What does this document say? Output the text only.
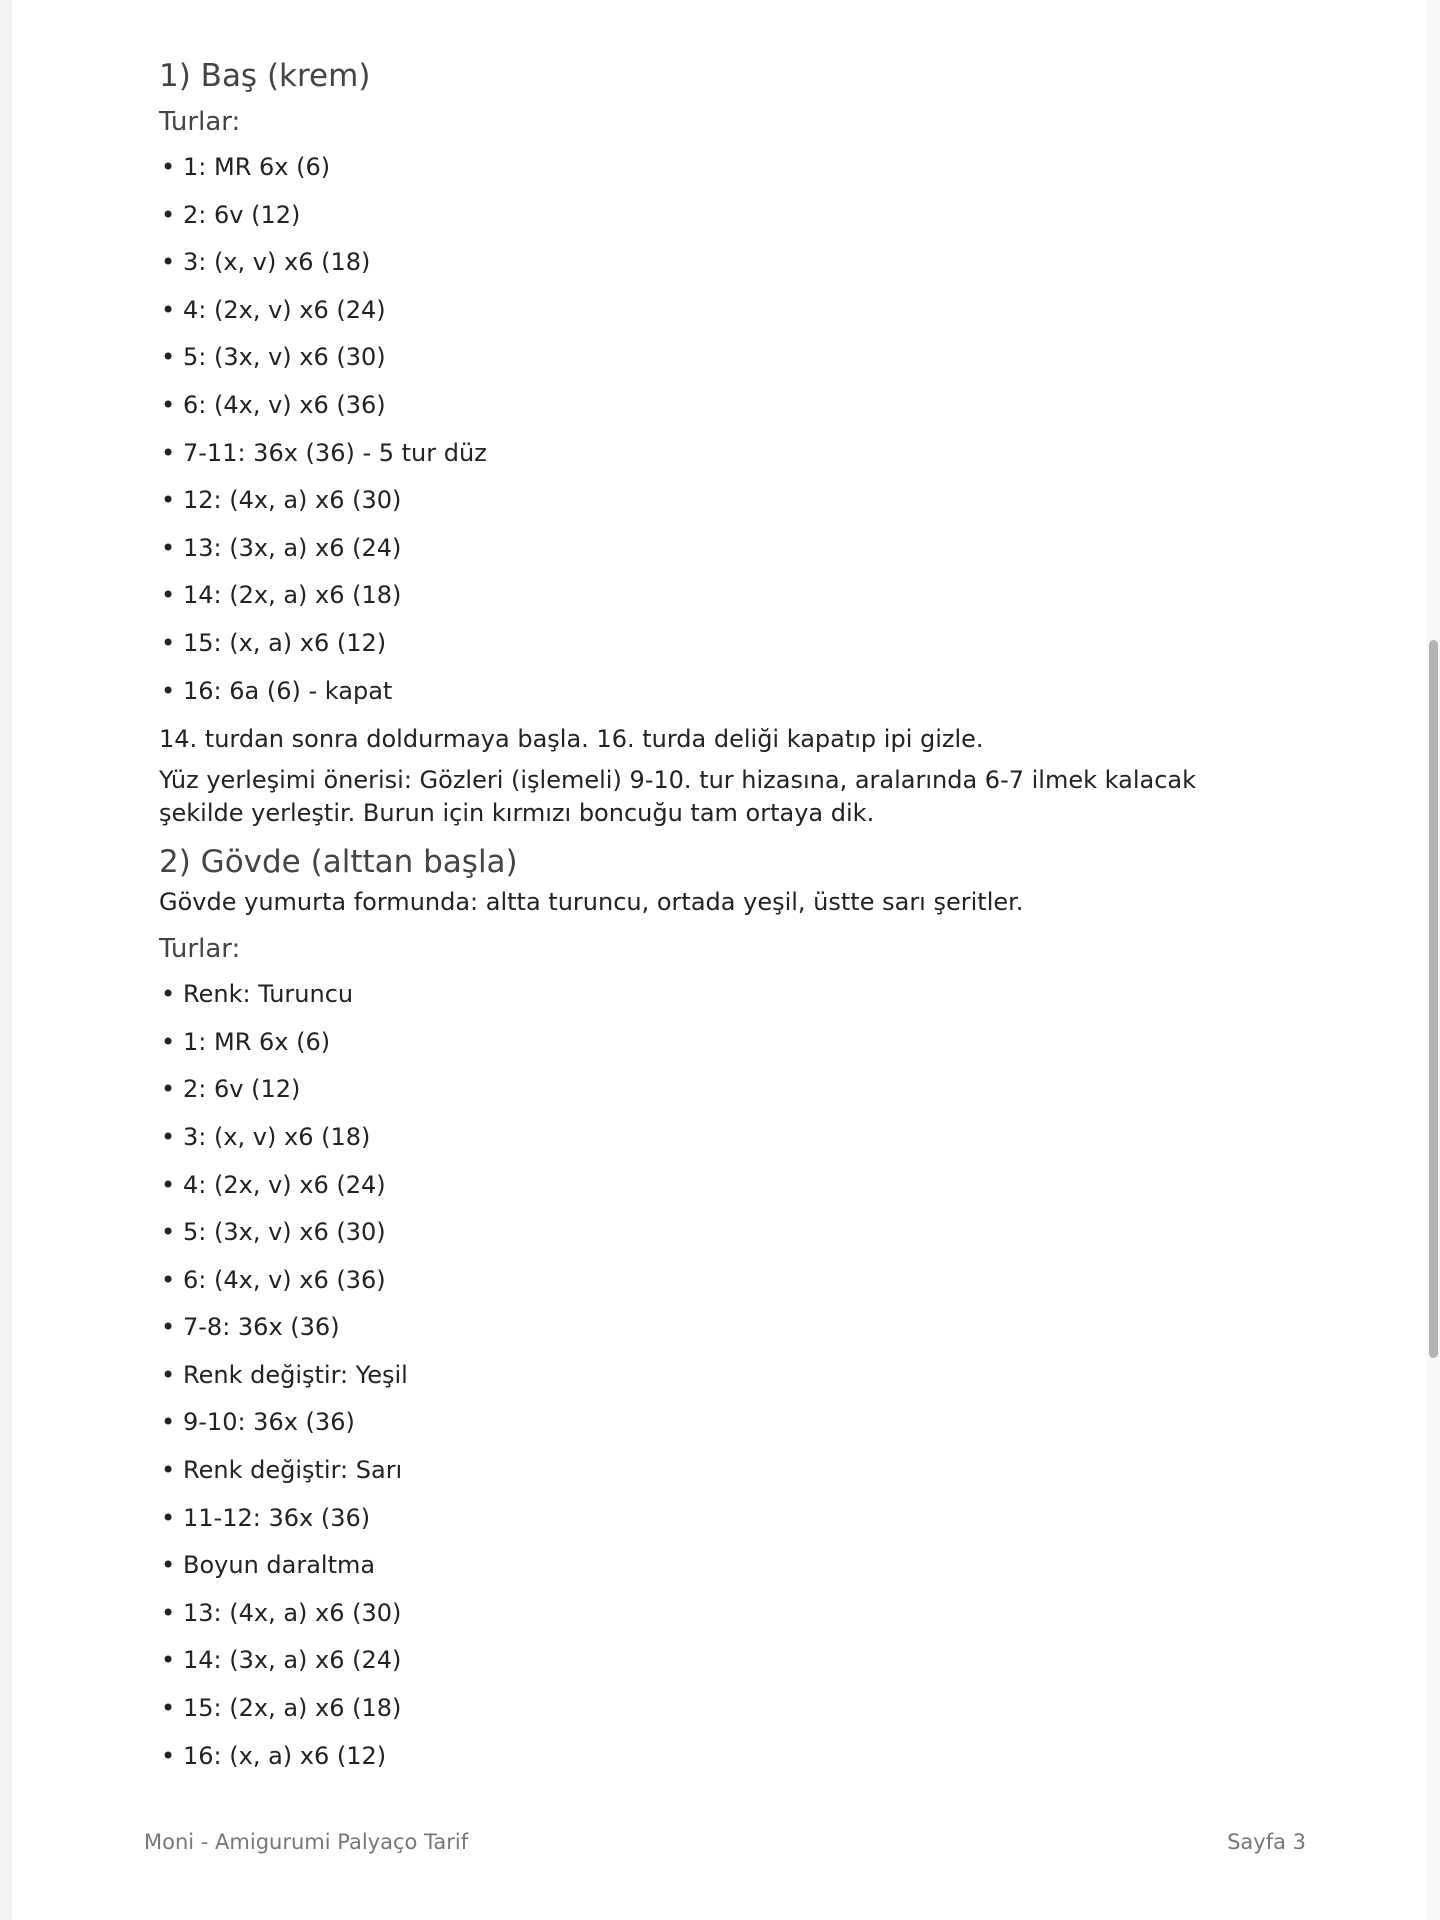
1) Baş (krem)
Turlar:
• 1: MR 6x (6)
• 2: 6v (12)
• 3: (x, v) x6 (18)
• 4: (2x, v) x6 (24)
• 5: (3x, v) x6 (30)
• 6: (4x, v) x6 (36)
• 7-11: 36x (36) - 5 tur düz
• 12: (4x, a) x6 (30)
• 13: (3x, a) x6 (24)
• 14: (2x, a) x6 (18)
• 15: (x, a) x6 (12)
• 16: 6a (6) - kapat

14. turdan sonra doldurmaya başla. 16. turda deliği kapatıp ipi gizle.

Yüz yerleşimi önerisi: Gözleri (işlemeli) 9-10. tur hizasına, aralarında 6-7 ilmek kalacak

şekilde yerleştir. Burun için kırmızı boncuğu tam ortaya dik.

2) Gövde (alttan başla)

Gövde yumurta formunda: altta turuncu, ortada yeşil, üstte sarı şeritler.

Turlar:
• Renk: Turuncu
• 1: MR 6x (6)
• 2: 6v (12)
• 3: (x, v) x6 (18)
• 4: (2x, v) x6 (24)
• 5: (3x, v) x6 (30)
• 6: (4x, v) x6 (36)
• 7-8: 36x (36)
• Renk değiştir: Yeşil
• 9-10: 36x (36)
• Renk değiştir: Sarı
• 11-12: 36x (36)
• Boyun daraltma
• 13: (4x, a) x6 (30)
• 14: (3x, a) x6 (24)
• 15: (2x, a) x6 (18)
• 16: (x, a) x6 (12)
Moni - Amigurumi Palyaço Tarif	Sayfa 3
